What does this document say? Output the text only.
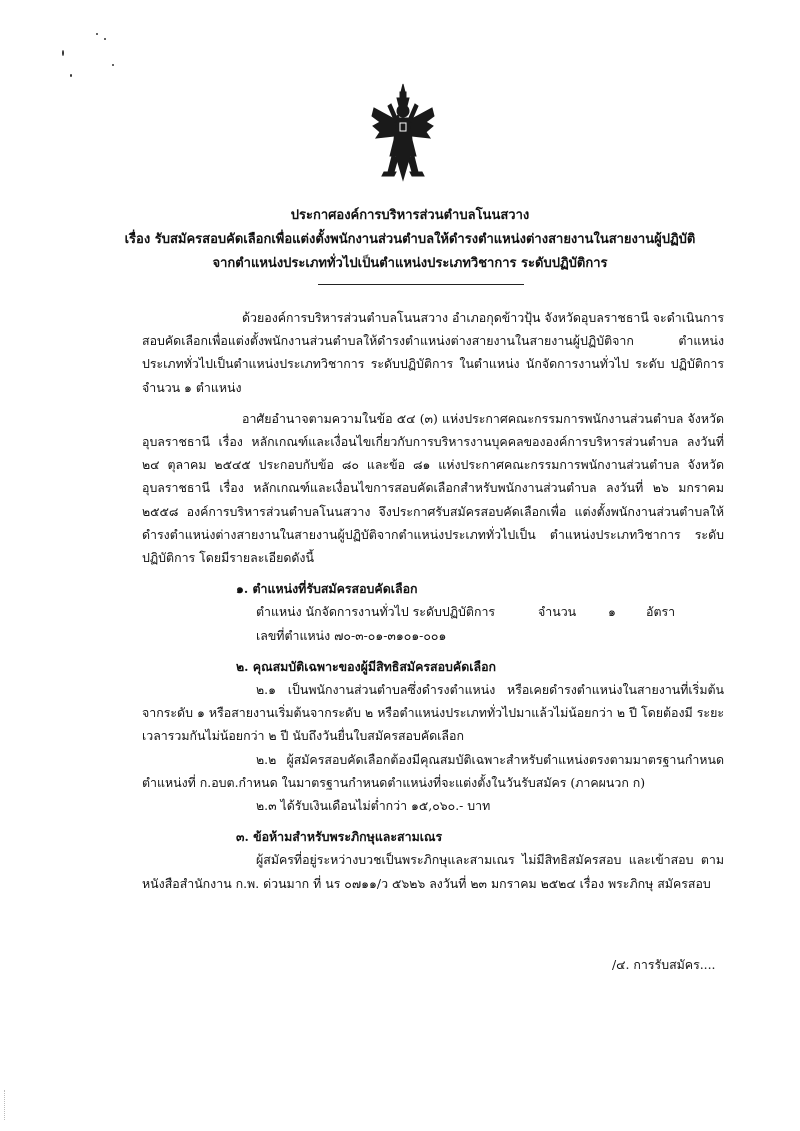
ประกาศองค์การบริหารส่วนตำบลโนนสวาง
เรื่อง รับสมัครสอบคัดเลือกเพื่อแต่งตั้งพนักงานส่วนตำบลให้ดำรงตำแหน่งต่างสายงานในสายงานผู้ปฏิบัติ
จากตำแหน่งประเภททั่วไปเป็นตำแหน่งประเภทวิชาการ ระดับปฏิบัติการ

ด้วยองค์การบริหารส่วนตำบลโนนสวาง อำเภอกุดข้าวปุ้น จังหวัดอุบลราชธานี จะดำเนินการสอบคัดเลือกเพื่อแต่งตั้งพนักงานส่วนตำบลให้ดำรงตำแหน่งต่างสายงานในสายงานผู้ปฏิบัติจาก ตำแหน่งประเภททั่วไปเป็นตำแหน่งประเภทวิชาการ ระดับปฏิบัติการ ในตำแหน่ง นักจัดการงานทั่วไป ระดับ ปฏิบัติการ จำนวน ๑ ตำแหน่ง

อาศัยอำนาจตามความในข้อ ๕๔ (๓) แห่งประกาศคณะกรรมการพนักงานส่วนตำบล จังหวัดอุบลราชธานี เรื่อง หลักเกณฑ์และเงื่อนไขเกี่ยวกับการบริหารงานบุคคลขององค์การบริหารส่วนตำบล ลงวันที่ ๒๔ ตุลาคม ๒๕๔๕ ประกอบกับข้อ ๘๐ และข้อ ๘๑ แห่งประกาศคณะกรรมการพนักงานส่วนตำบล จังหวัดอุบลราชธานี เรื่อง หลักเกณฑ์และเงื่อนไขการสอบคัดเลือกสำหรับพนักงานส่วนตำบล ลงวันที่ ๒๖ มกราคม ๒๕๕๘ องค์การบริหารส่วนตำบลโนนสวาง จึงประกาศรับสมัครสอบคัดเลือกเพื่อ แต่งตั้งพนักงานส่วนตำบลให้ดำรงตำแหน่งต่างสายงานในสายงานผู้ปฏิบัติจากตำแหน่งประเภททั่วไปเป็น ตำแหน่งประเภทวิชาการ ระดับปฏิบัติการ โดยมีรายละเอียดดังนี้

๑. ตำแหน่งที่รับสมัครสอบคัดเลือก

ตำแหน่ง นักจัดการงานทั่วไป ระดับปฏิบัติการ	จำนวน	๑	อัตรา

เลขที่ตำแหน่ง ๗๐-๓-๐๑-๓๑๐๑-๐๐๑

๒. คุณสมบัติเฉพาะของผู้มีสิทธิสมัครสอบคัดเลือก

๒.๑ เป็นพนักงานส่วนตำบลซึ่งดำรงตำแหน่ง หรือเคยดำรงตำแหน่งในสายงานที่เริ่มต้น จากระดับ ๑ หรือสายงานเริ่มต้นจากระดับ ๒ หรือตำแหน่งประเภททั่วไปมาแล้วไม่น้อยกว่า ๒ ปี โดยต้องมี ระยะเวลารวมกันไม่น้อยกว่า ๒ ปี นับถึงวันยื่นใบสมัครสอบคัดเลือก

๒.๒ ผู้สมัครสอบคัดเลือกต้องมีคุณสมบัติเฉพาะสำหรับตำแหน่งตรงตามมาตรฐานกำหนด ตำแหน่งที่ ก.อบต.กำหนด ในมาตรฐานกำหนดตำแหน่งที่จะแต่งตั้งในวันรับสมัคร (ภาคผนวก ก)

๒.๓ ได้รับเงินเดือนไม่ต่ำกว่า ๑๕,๐๖๐.- บาท

๓. ข้อห้ามสำหรับพระภิกษุและสามเณร

ผู้สมัครที่อยู่ระหว่างบวชเป็นพระภิกษุและสามเณร ไม่มีสิทธิสมัครสอบ และเข้าสอบ ตามหนังสือสำนักงาน ก.พ. ด่วนมาก ที่ นร ๐๗๑๑/ว ๕๖๒๖ ลงวันที่ ๒๓ มกราคม ๒๕๒๔ เรื่อง พระภิกษุ สมัครสอบ

/๔. การรับสมัคร....
